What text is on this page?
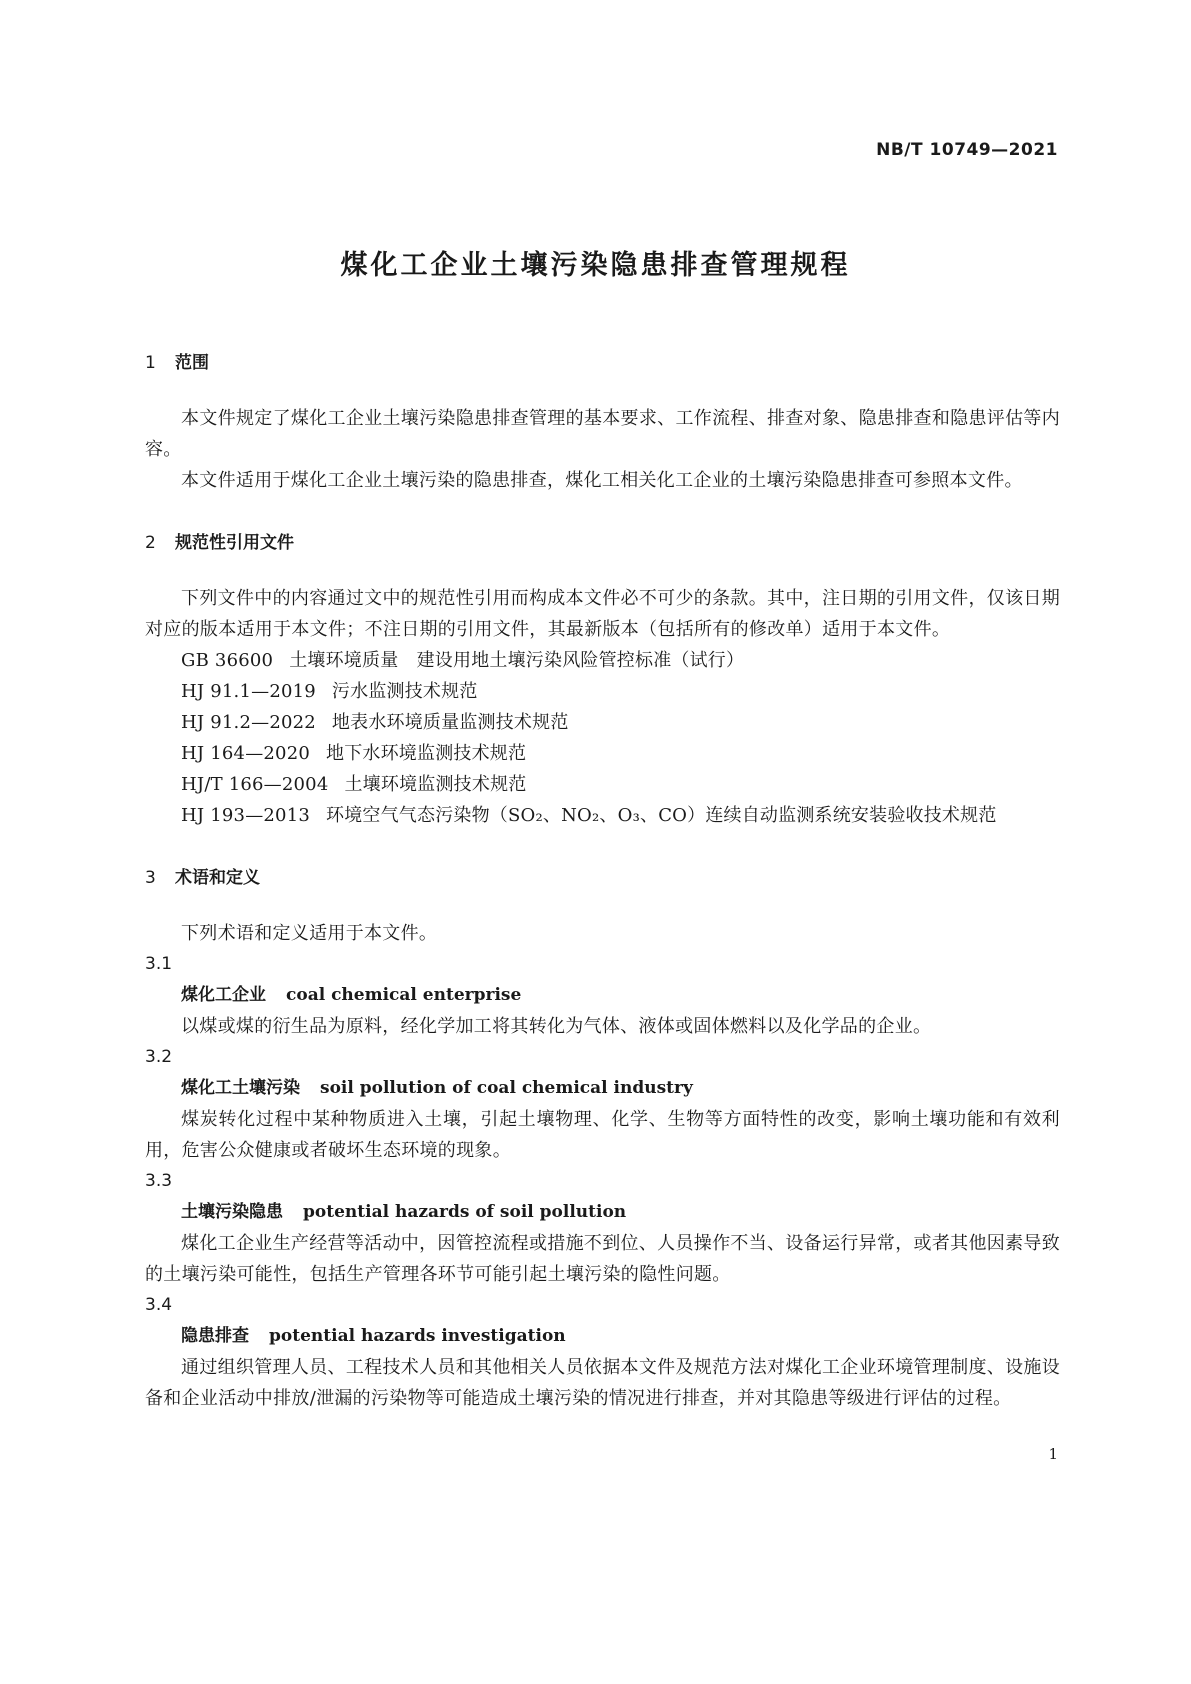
NB/T 10749—2021
煤化工企业土壤污染隐患排查管理规程

1 范围

本文件规定了煤化工企业土壤污染隐患排查管理的基本要求、工作流程、排查对象、隐患排查和隐患评估等内容。

本文件适用于煤化工企业土壤污染的隐患排查，煤化工相关化工企业的土壤污染隐患排查可参照本文件。

2 规范性引用文件

下列文件中的内容通过文中的规范性引用而构成本文件必不可少的条款。其中，注日期的引用文件，仅该日期对应的版本适用于本文件；不注日期的引用文件，其最新版本（包括所有的修改单）适用于本文件。

GB 36600 土壤环境质量　建设用地土壤污染风险管控标准（试行）

HJ 91.1—2019 污水监测技术规范

HJ 91.2—2022 地表水环境质量监测技术规范

HJ 164—2020 地下水环境监测技术规范

HJ/T 166—2004 土壤环境监测技术规范

HJ 193—2013 环境空气气态污染物（SO₂、NO₂、O₃、CO）连续自动监测系统安装验收技术规范

3 术语和定义

下列术语和定义适用于本文件。

3.1

煤化工企业 coal chemical enterprise

以煤或煤的衍生品为原料，经化学加工将其转化为气体、液体或固体燃料以及化学品的企业。

3.2

煤化工土壤污染 soil pollution of coal chemical industry

煤炭转化过程中某种物质进入土壤，引起土壤物理、化学、生物等方面特性的改变，影响土壤功能和有效利用，危害公众健康或者破坏生态环境的现象。

3.3

土壤污染隐患 potential hazards of soil pollution

煤化工企业生产经营等活动中，因管控流程或措施不到位、人员操作不当、设备运行异常，或者其他因素导致的土壤污染可能性，包括生产管理各环节可能引起土壤污染的隐性问题。

3.4

隐患排查 potential hazards investigation

通过组织管理人员、工程技术人员和其他相关人员依据本文件及规范方法对煤化工企业环境管理制度、设施设备和企业活动中排放/泄漏的污染物等可能造成土壤污染的情况进行排查，并对其隐患等级进行评估的过程。

1
